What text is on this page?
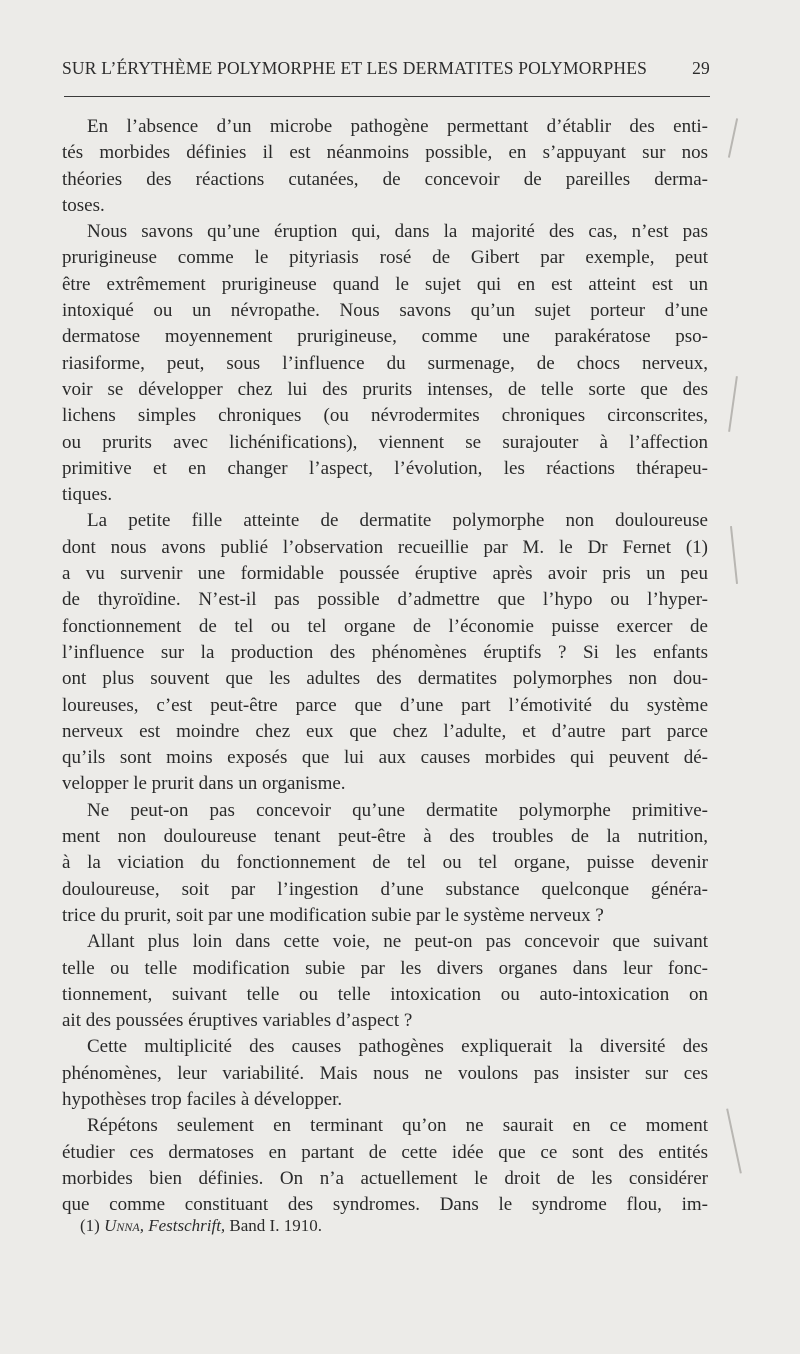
SUR L’ÉRYTHÈME POLYMORPHE ET LES DERMATITES POLYMORPHES	29
En l’absence d’un microbe pathogène permettant d’établir des enti-
tés morbides définies il est néanmoins possible, en s’appuyant sur nos
théories des réactions cutanées, de concevoir de pareilles derma-
toses.
Nous savons qu’une éruption qui, dans la majorité des cas, n’est pas
prurigineuse comme le pityriasis rosé de Gibert par exemple, peut
être extrêmement prurigineuse quand le sujet qui en est atteint est un
intoxiqué ou un névropathe. Nous savons qu’un sujet porteur d’une
dermatose moyennement prurigineuse, comme une parakératose pso-
riasiforme, peut, sous l’influence du surmenage, de chocs nerveux,
voir se développer chez lui des prurits intenses, de telle sorte que des
lichens simples chroniques (ou névrodermites chroniques circonscrites,
ou prurits avec lichénifications), viennent se surajouter à l’affection
primitive et en changer l’aspect, l’évolution, les réactions thérapeu-
tiques.
La petite fille atteinte de dermatite polymorphe non douloureuse
dont nous avons publié l’observation recueillie par M. le Dr Fernet (1)
a vu survenir une formidable poussée éruptive après avoir pris un peu
de thyroïdine. N’est-il pas possible d’admettre que l’hypo ou l’hyper-
fonctionnement de tel ou tel organe de l’économie puisse exercer de
l’influence sur la production des phénomènes éruptifs ? Si les enfants
ont plus souvent que les adultes des dermatites polymorphes non dou-
loureuses, c’est peut-être parce que d’une part l’émotivité du système
nerveux est moindre chez eux que chez l’adulte, et d’autre part parce
qu’ils sont moins exposés que lui aux causes morbides qui peuvent dé-
velopper le prurit dans un organisme.
Ne peut-on pas concevoir qu’une dermatite polymorphe primitive-
ment non douloureuse tenant peut-être à des troubles de la nutrition,
à la viciation du fonctionnement de tel ou tel organe, puisse devenir
douloureuse, soit par l’ingestion d’une substance quelconque généra-
trice du prurit, soit par une modification subie par le système nerveux ?
Allant plus loin dans cette voie, ne peut-on pas concevoir que suivant
telle ou telle modification subie par les divers organes dans leur fonc-
tionnement, suivant telle ou telle intoxication ou auto-intoxication on
ait des poussées éruptives variables d’aspect ?
Cette multiplicité des causes pathogènes expliquerait la diversité des
phénomènes, leur variabilité. Mais nous ne voulons pas insister sur ces
hypothèses trop faciles à développer.
Répétons seulement en terminant qu’on ne saurait en ce moment
étudier ces dermatoses en partant de cette idée que ce sont des entités
morbides bien définies. On n’a actuellement le droit de les considérer
que comme constituant des syndromes. Dans le syndrome flou, im-
(1) Unna, Festschrift, Band I. 1910.
